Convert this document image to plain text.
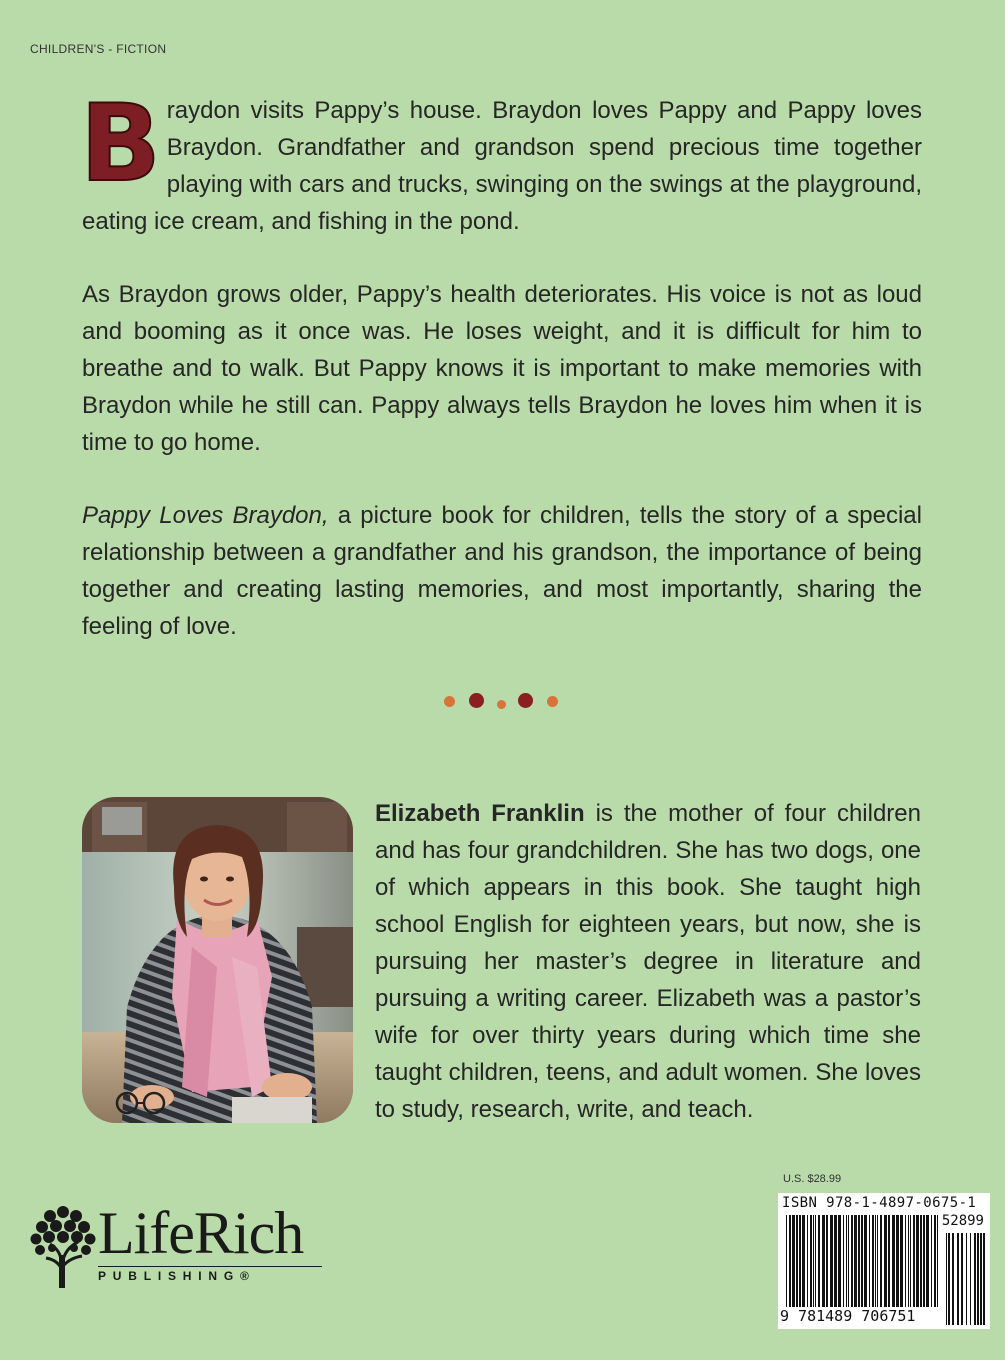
CHILDREN'S - FICTION

Braydon visits Pappy’s house. Braydon loves Pappy and Pappy loves Braydon. Grandfather and grandson spend precious time together playing with cars and trucks, swinging on the swings at the playground, eating ice cream, and fishing in the pond.

As Braydon grows older, Pappy’s health deteriorates. His voice is not as loud and booming as it once was. He loses weight, and it is difficult for him to breathe and to walk. But Pappy knows it is important to make memories with Braydon while he still can. Pappy always tells Braydon he loves him when it is time to go home.

Pappy Loves Braydon, a picture book for children, tells the story of a special relationship between a grandfather and his grandson, the importance of being together and creating lasting memories, and most importantly, sharing the feeling of love.

Elizabeth Franklin is the mother of four children and has four grandchildren. She has two dogs, one of which appears in this book. She taught high school English for eighteen years, but now, she is pursuing her master’s degree in literature and pursuing a writing career. Elizabeth was a pastor’s wife for over thirty years during which time she taught children, teens, and adult women. She loves to study, research, write, and teach.

LifeRich
PUBLISHING®
U.S. $28.99
ISBN 978-1-4897-0675-1
52899
9 781489 706751
